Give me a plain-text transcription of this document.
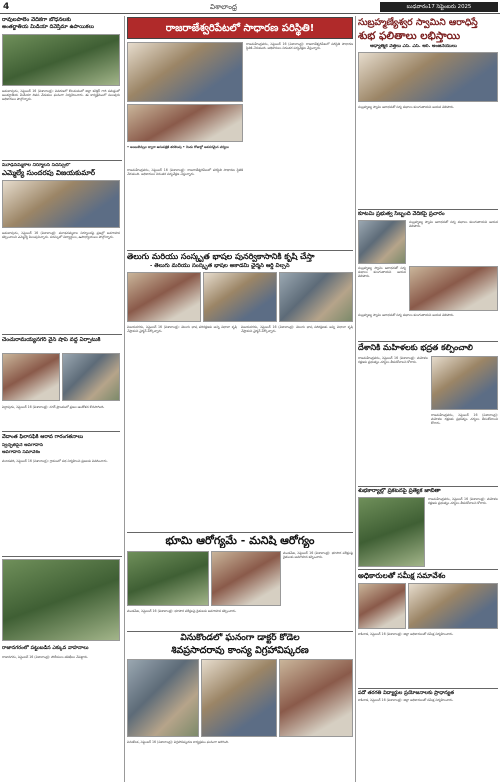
4	విశాలాంధ్ర	బుధవారం17 సెప్టెంబరు 2025
రావులపాలెం వేదికగా బోధనలకు
అంతర్జాతీయ మీడియా దివెస్తిమా ఉపాయికలు
అమలాపురం, సెప్టెంబర్ 16 (విశాలాంధ్ర): వివరణలో కొలమనంలో జిల్లా కలెక్టర్ గారి సమక్షంలో అంతర్జాతీయ మీడియా దివస వేడుకలు ఘనంగా నిర్వహించారు. ఈ కార్యక్రమంలో పలువురు అధికారులు పాల్గొన్నారు.
మూఢనమ్మకాల నిర్మూలన సదస్సులో
ఎమ్మెల్యే సుందరపు విజయకుమార్
అమలాపురం, సెప్టెంబర్ 16 (విశాలాంధ్ర): మూఢనమ్మకాల నిర్మూలనపై ప్రజల్లో అవగాహన కల్పించాలని ఎమ్మెల్యే పిలుపునిచ్చారు. సదస్సులో విద్యార్థులు, ఉపాధ్యాయులు పాల్గొన్నారు.
చెంచురామయ్యనగర్ వైన్ షాప్ వద్ద ఏర్పాటుకి
పెద్దాపురం, సెప్టెంబర్ 16 (విశాలాంధ్ర): నగర్ ప్రాంతంలో ప్రజల ఆందోళన కొనసాగింది.
వేదాంత ఫిలాసఫీకి ఆరావ గారంగతనాలు
స్వచ్ఛతపైనే అవగాహన
అవగాహన సమావేశం
మూడవది, సెప్టెంబర్ 16 (విశాలాంధ్ర): గ్రామంలో సభ నిర్వహించి ప్రజలకు వివరించారు.
రాజానగరంలో పట్టుబడిన ఎక్కువ వాహనాలు
రాజానగరం, సెప్టెంబర్ 16 (విశాలాంధ్ర): పోలీసులు తనిఖీలు చేపట్టారు.
రాజరాజేశ్వరిపేటలో సాధారణ పరిస్థితి!
• అంబులెన్సుల ద్వారా ఆసుపత్రికి తరలింపు • రెండు రోజుల్లో అవసరమైన చర్యలు
రాజమహేంద్రవరం, సెప్టెంబర్ 16 (విశాలాంధ్ర): రాజరాజేశ్వరిపేటలో పరిస్థితి సాధారణ స్థితికి చేరుకుంది. అధికారులు నిరంతర పర్యవేక్షణ చేస్తున్నారు.
రాజమహేంద్రవరం, సెప్టెంబర్ 16 (విశాలాంధ్ర): రాజరాజేశ్వరిపేటలో పరిస్థితి సాధారణ స్థితికి చేరుకుంది. అధికారులు నిరంతర పర్యవేక్షణ చేస్తున్నారు.
తెలుగు మరియు సంస్కృత భాషల పునర్వికాసానికి కృషి చేస్తా
- తెలుగు మరియు సంస్కృత భాషల అకాడమి ఛైర్మన్ ఆర్డీ విల్సన్
విజయనగరం, సెప్టెంబర్ 16 (విశాలాంధ్ర): తెలుగు భాష పరిరక్షణకు అన్ని విధాలా కృషి చేస్తామని ఛైర్మన్ పేర్కొన్నారు.
విజయనగరం, సెప్టెంబర్ 16 (విశాలాంధ్ర): తెలుగు భాష పరిరక్షణకు అన్ని విధాలా కృషి చేస్తామని ఛైర్మన్ పేర్కొన్నారు.
భూమి ఆరోగ్యమే - మనిషి ఆరోగ్యం
మండపేట, సెప్టెంబర్ 16 (విశాలాంధ్ర): భూసార పరీక్షలపై రైతులకు అవగాహన కల్పించారు.
మండపేట, సెప్టెంబర్ 16 (విశాలాంధ్ర): భూసార పరీక్షలపై రైతులకు అవగాహన కల్పించారు.
వినుకొండలో ఘనంగా డాక్టర్ కోడెల
శివప్రసాదరావు కాంస్య విగ్రహావిష్కరణ
వినుకొండ, సెప్టెంబర్ 16 (విశాలాంధ్ర): విగ్రహావిష్కరణ కార్యక్రమం ఘనంగా జరిగింది.
సుబ్రహ్మణ్యేశ్వర స్వామిని ఆరాధిస్తే
శుభ ఫలితాలు లభిస్తాయి
ఆధ్యాత్మిక వేత్తలు ఎస్. ఎస్. ఆర్. అంజనేయులు
సుబ్రహ్మణ్య స్వామి ఆరాధనతో సర్వ శుభాలు కలుగుతాయని ఆయన తెలిపారు.
కూటమి ప్రభుత్వ సిబ్బంది వేదికపై ప్రచారం
సుబ్రహ్మణ్య స్వామి ఆరాధనతో సర్వ శుభాలు కలుగుతాయని ఆయన తెలిపారు.
సుబ్రహ్మణ్య స్వామి ఆరాధనతో సర్వ శుభాలు కలుగుతాయని ఆయన తెలిపారు.
సుబ్రహ్మణ్య స్వామి ఆరాధనతో సర్వ శుభాలు కలుగుతాయని ఆయన తెలిపారు.
దేశానికి మహిళలకు భద్రత కల్పించాలి
రాజమహేంద్రవరం, సెప్టెంబర్ 16 (విశాలాంధ్ర): మహిళల రక్షణకు ప్రభుత్వం చర్యలు తీసుకోవాలని కోరారు.
రాజమహేంద్రవరం, సెప్టెంబర్ 16 (విశాలాంధ్ర): మహిళల రక్షణకు ప్రభుత్వం చర్యలు తీసుకోవాలని కోరారు.
శుభకార్యాల్లో ప్రకటనపై ప్రత్యేక జాబితా
రాజమహేంద్రవరం, సెప్టెంబర్ 16 (విశాలాంధ్ర): మహిళల రక్షణకు ప్రభుత్వం చర్యలు తీసుకోవాలని కోరారు.
అధికారులతో సమీక్ష సమావేశం
కాకినాడ, సెప్టెంబర్ 16 (విశాలాంధ్ర): జిల్లా అధికారులతో సమీక్ష నిర్వహించారు.
పదో తరగతి విద్యార్థుల ప్రయోజనాలకు ప్రాధాన్యత
కాకినాడ, సెప్టెంబర్ 16 (విశాలాంధ్ర): జిల్లా అధికారులతో సమీక్ష నిర్వహించారు.
